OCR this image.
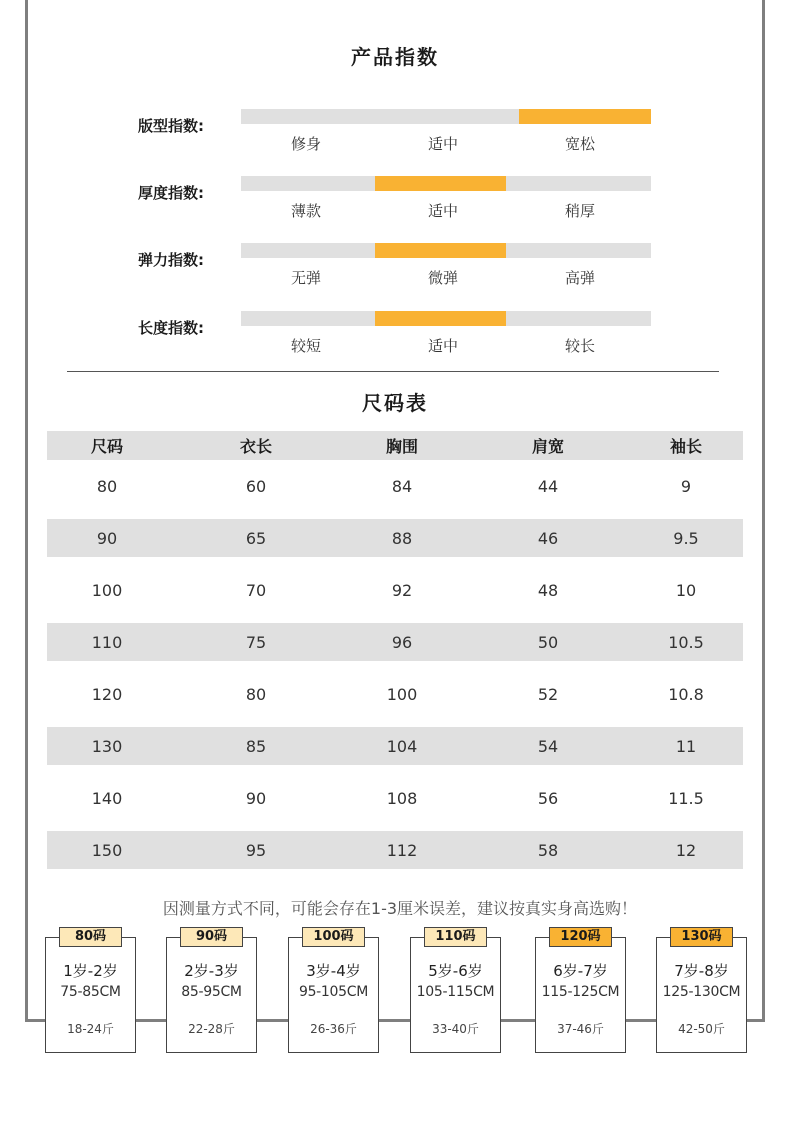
产品指数
版型指数:
修身	适中	宽松
厚度指数:
薄款	适中	稍厚
弹力指数:
无弹	微弹	高弹
长度指数:
较短	适中	较长
尺码表
尺码	衣长	胸围	肩宽	袖长
80	60	84	44	9
90	65	88	46	9.5
100	70	92	48	10
110	75	96	50	10.5
120	80	100	52	10.8
130	85	104	54	11
140	90	108	56	11.5
150	95	112	58	12
因测量方式不同，可能会存在1-3厘米误差，建议按真实身高选购！
80码
1岁-2岁
75-85CM
18-24斤
90码
2岁-3岁
85-95CM
22-28斤
100码
3岁-4岁
95-105CM
26-36斤
110码
5岁-6岁
105-115CM
33-40斤
120码
6岁-7岁
115-125CM
37-46斤
130码
7岁-8岁
125-130CM
42-50斤
